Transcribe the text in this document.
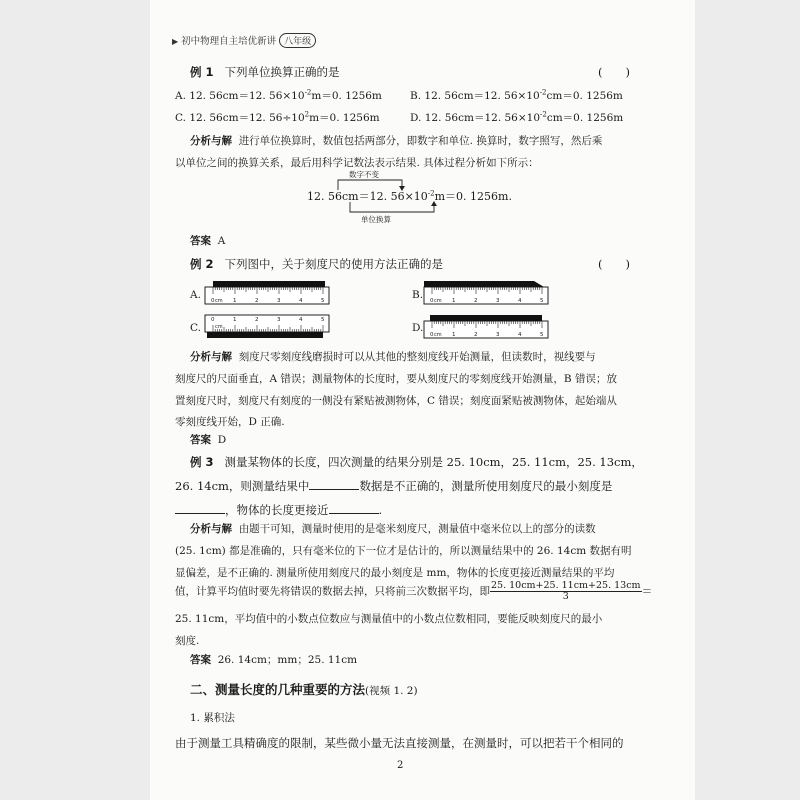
▶ 初中物理自主培优新讲 八年级
例 1 下列单位换算正确的是	(　　)
A. 12. 56cm＝12. $56\times 10^{-2}m=0$. 1256m	B. 12. 56cm＝12. $56\times 10^{-2}cm=0$. 1256m
C. 12. 56cm＝12. $56\div 10^2m=0$. 1256m	D. 12. 56cm＝12. $56\times 10^{-2}cm=0$. 1256m
分析与解 进行单位换算时，数值包括两部分，即数字和单位. 换算时，数字照写，然后乘
以单位之间的换算关系，最后用科学记数法表示结果. 具体过程分析如下所示：
数字不变
12. 56cm＝12. $56\times 10^{-2}m=0$. 1256m.
单位换算
答案 A
例 2 下列图中，关于刻度尺的使用方法正确的是	(　　)
A.	B.
C.	D.
0	1	2	3	4	5
cm	0	1	2	3	4	5
cm
0	1	2	3	4	5
cm
0	1	2	3	4	5
cm
分析与解 刻度尺零刻度线磨损时可以从其他的整刻度线开始测量，但读数时，视线要与
刻度尺的尺面垂直，A 错误；测量物体的长度时，要从刻度尺的零刻度线开始测量，B 错误；放
置刻度尺时，刻度尺有刻度的一侧没有紧贴被测物体，C 错误；刻度面紧贴被测物体，起始端从
零刻度线开始，D 正确.
答案 D
例 3 测量某物体的长度，四次测量的结果分别是 25. 10cm，25. 11cm，25. 13cm，
26. 14cm，则测量结果中	数据是不正确的，测量所使用刻度尺的最小刻度是
，物体的长度更接近	.
分析与解 由题干可知，测量时使用的是毫米刻度尺，测量值中毫米位以上的部分的读数
(25. 1cm) 都是准确的，只有毫米位的下一位才是估计的，所以测量结果中的 26. 14cm 数据有明
显偏差，是不正确的. 测量所使用刻度尺的最小刻度是 mm，物体的长度更接近测量结果的平均
值，计算平均值时要先将错误的数据去掉，只将前三次数据平均，即 $\frac{25. 10cm+25. 11cm+25. 13cm}{3}$ ＝
25. 11cm，平均值中的小数点位数应与测量值中的小数点位数相同，要能反映刻度尺的最小
刻度.
答案 26. 14cm；mm；25. 11cm
二、测量长度的几种重要的方法(视频 1. 2)
1. 累积法
由于测量工具精确度的限制，某些微小量无法直接测量，在测量时，可以把若干个相同的
2
